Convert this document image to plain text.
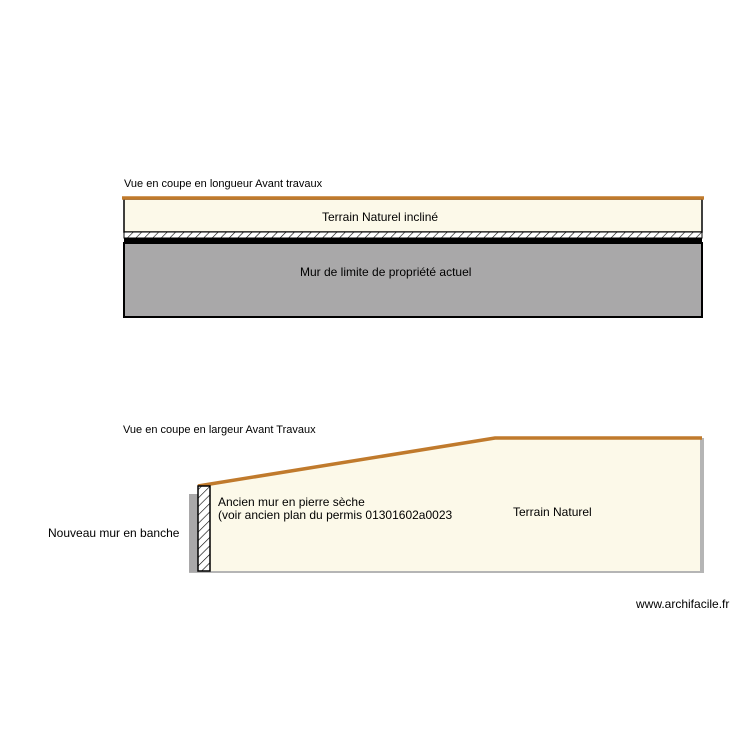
Vue en coupe en longueur Avant travaux
Terrain Naturel incliné
Mur de limite de propriété actuel
Vue en coupe en largeur Avant Travaux
Ancien mur en pierre sèche
(voir ancien plan du permis 01301602a0023	Terrain Naturel
Nouveau mur en banche
www.archifacile.fr
